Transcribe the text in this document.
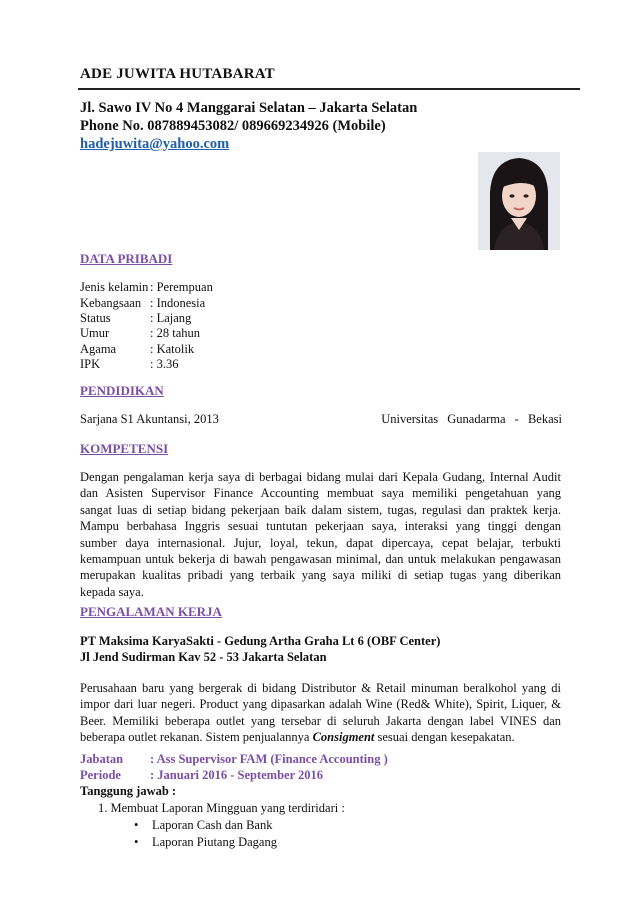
ADE JUWITA HUTABARAT
Jl. Sawo IV No 4 Manggarai Selatan – Jakarta Selatan
Phone No. 087889453082/ 089669234926 (Mobile)
hadejuwita@yahoo.com
DATA PRIBADI
Jenis kelamin : Perempuan
Kebangsaan : Indonesia
Status	: Lajang
Umur	: 28 tahun
Agama	: Katolik
IPK	: 3.36
PENDIDIKAN
Sarjana S1 Akuntansi, 2013	Universitas Gunadarma - Bekasi
KOMPETENSI
Dengan pengalaman kerja saya di berbagai bidang mulai dari Kepala Gudang, Internal Audit
dan Asisten Supervisor Finance Accounting membuat saya memiliki pengetahuan yang
sangat luas di setiap bidang pekerjaan baik dalam sistem, tugas, regulasi dan praktek kerja.
Mampu berbahasa Inggris sesuai tuntutan pekerjaan saya, interaksi yang tinggi dengan
sumber daya internasional. Jujur, loyal, tekun, dapat dipercaya, cepat belajar, terbukti
kemampuan untuk bekerja di bawah pengawasan minimal, dan untuk melakukan pengawasan
merupakan kualitas pribadi yang terbaik yang saya miliki di setiap tugas yang diberikan
kepada saya.
PENGALAMAN KERJA
PT Maksima KaryaSakti - Gedung Artha Graha Lt 6 (OBF Center)
Jl Jend Sudirman Kav 52 - 53 Jakarta Selatan
Perusahaan baru yang bergerak di bidang Distributor & Retail minuman beralkohol yang di
impor dari luar negeri. Product yang dipasarkan adalah Wine (Red& White), Spirit, Liquer, &
Beer. Memiliki beberapa outlet yang tersebar di seluruh Jakarta dengan label VINES dan
beberapa outlet rekanan. Sistem penjualannya Consigment sesuai dengan kesepakatan.
Jabatan : Ass Supervisor FAM (Finance Accounting )
Periode : Januari 2016 - September 2016
Tanggung jawab :
1. Membuat Laporan Mingguan yang terdiridari :
• Laporan Cash dan Bank
• Laporan Piutang Dagang
